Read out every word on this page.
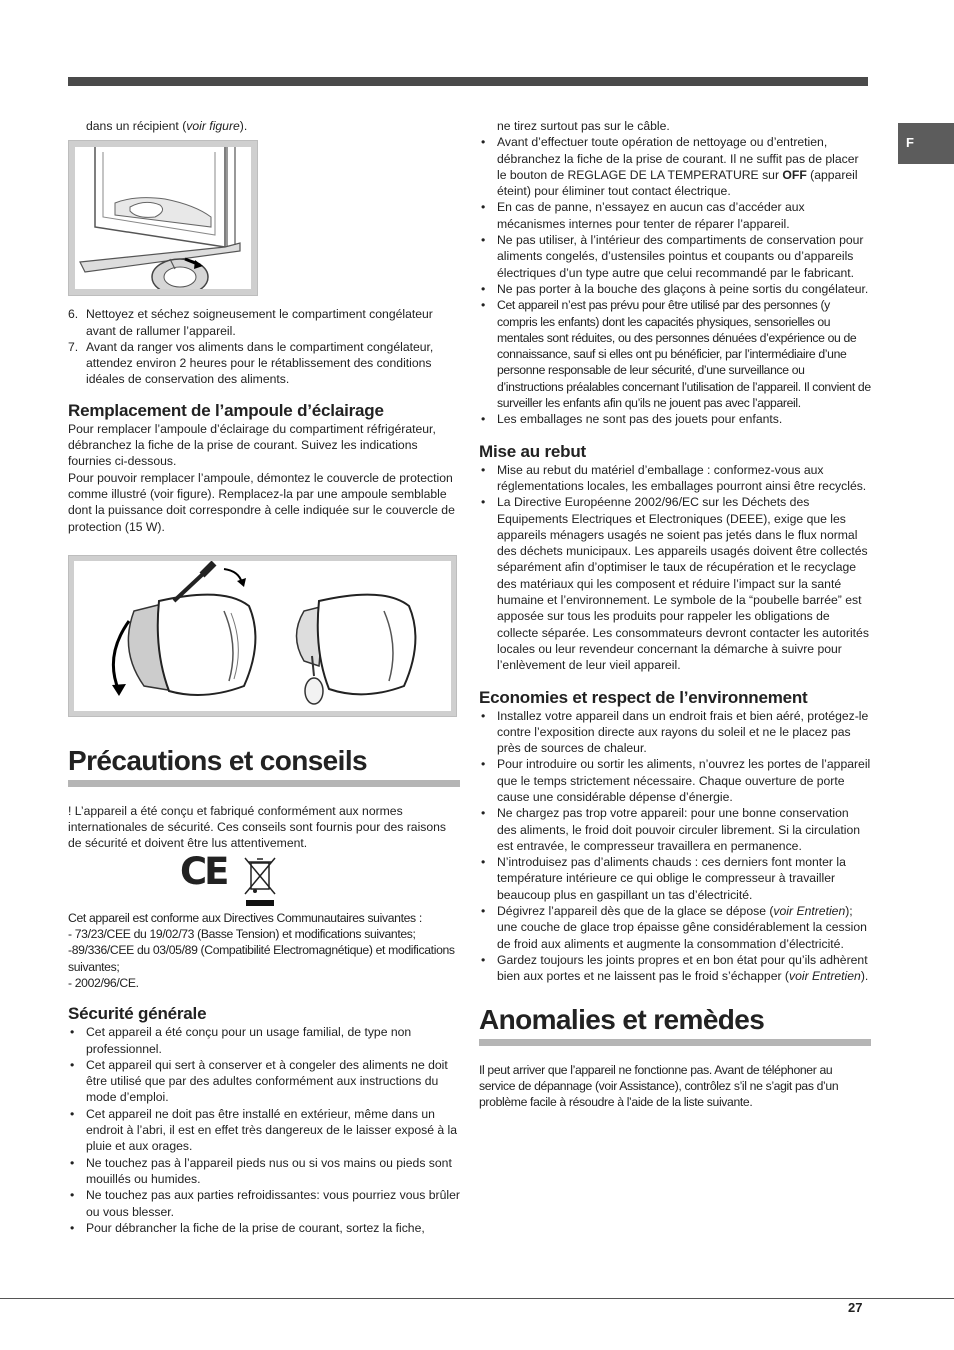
F

dans un récipient (voir figure).

6. Nettoyez et séchez soigneusement le compartiment congélateur avant de rallumer l’appareil.
7. Avant da ranger vos aliments dans le compartiment congélateur, attendez environ 2 heures pour le rétablissement des conditions idéales de conservation des aliments.
Remplacement de l’ampoule d’éclairage

Pour remplacer l’ampoule d’éclairage du compartiment réfrigérateur, débranchez la fiche de la prise de courant. Suivez les indications fournies ci-dessous.

Pour pouvoir remplacer l’ampoule, démontez le couvercle de protection comme illustré (voir figure). Remplacez-la par une ampoule semblable dont la puissance doit correspondre à celle indiquée sur le couvercle de protection (15 W).

Précautions et conseils

! L’appareil a été conçu et fabriqué conformément aux normes internationales de sécurité. Ces conseils sont fournis pour des raisons de sécurité et doivent être lus attentivement.

CE

Cet appareil est conforme aux Directives Communautaires suivantes :

- 73/23/CEE du 19/02/73 (Basse Tension) et modifications suivantes;

-89/336/CEE du 03/05/89 (Compatibilité Electromagnétique) et modifications suivantes;

- 2002/96/CE.

Sécurité générale
• Cet appareil a été conçu pour un usage familial, de type non professionnel.
• Cet appareil qui sert à conserver et à congeler des aliments ne doit être utilisé que par des adultes conformément aux instructions du mode d’emploi.
• Cet appareil ne doit pas être installé en extérieur, même dans un endroit à l’abri, il est en effet très dangereux de le laisser exposé à la pluie et aux orages.
• Ne touchez pas à l’appareil pieds nus ou si vos mains ou pieds sont mouillés ou humides.
• Ne touchez pas aux parties refroidissantes: vous pourriez vous brûler ou vous blesser.
• Pour débrancher la fiche de la prise de courant, sortez la fiche,

ne tirez surtout pas sur le câble.

• Avant d’effectuer toute opération de nettoyage ou d’entretien, débranchez la fiche de la prise de courant. Il ne suffit pas de placer le bouton de REGLAGE DE LA TEMPERATURE sur OFF (appareil éteint) pour éliminer tout contact électrique.
• En cas de panne, n’essayez en aucun cas d’accéder aux mécanismes internes pour tenter de réparer l’appareil.
• Ne pas utiliser, à l’intérieur des compartiments de conservation pour aliments congelés, d’ustensiles pointus et coupants ou d’appareils électriques d’un type autre que celui recommandé par le fabricant.
• Ne pas porter à la bouche des glaçons à peine sortis du congélateur.
• Cet appareil n’est pas prévu pour être utilisé par des personnes (y compris les enfants) dont les capacités physiques, sensorielles ou mentales sont réduites, ou des personnes dénuées d’expérience ou de connaissance, sauf si elles ont pu bénéficier, par l’intermédiaire d’une personne responsable de leur sécurité, d’une surveillance ou d’instructions préalables concernant l’utilisation de l’appareil. Il convient de surveiller les enfants afin qu’ils ne jouent pas avec l’appareil.
• Les emballages ne sont pas des jouets pour enfants.
Mise au rebut
• Mise au rebut du matériel d’emballage : conformez-vous aux réglementations locales, les emballages pourront ainsi être recyclés.
• La Directive Européenne 2002/96/EC sur les Déchets des Equipements Electriques et Electroniques (DEEE), exige que les appareils ménagers usagés ne soient pas jetés dans le flux normal des déchets municipaux. Les appareils usagés doivent être collectés séparément afin d’optimiser le taux de récupération et le recyclage des matériaux qui les composent et réduire l’impact sur la santé humaine et l’environnement. Le symbole de la “poubelle barrée” est apposée sur tous les produits pour rappeler les obligations de collecte séparée. Les consommateurs devront contacter les autorités locales ou leur revendeur concernant la démarche à suivre pour l’enlèvement de leur vieil appareil.
Economies et respect de l’environnement
• Installez votre appareil dans un endroit frais et bien aéré, protégez-le contre l’exposition directe aux rayons du soleil et ne le placez pas près de sources de chaleur.
• Pour introduire ou sortir les aliments, n’ouvrez les portes de l’appareil que le temps strictement nécessaire. Chaque ouverture de porte cause une considérable dépense d’énergie.
• Ne chargez pas trop votre appareil: pour une bonne conservation des aliments, le froid doit pouvoir circuler librement. Si la circulation est entravée, le compresseur travaillera en permanence.
• N’introduisez pas d’aliments chauds : ces derniers font monter la température intérieure ce qui oblige le compresseur à travailler beaucoup plus en gaspillant un tas d’électricité.
• Dégivrez l’appareil dès que de la glace se dépose (voir Entretien); une couche de glace trop épaisse gêne considérablement la cession de froid aux aliments et augmente la consommation d’électricité.
• Gardez toujours les joints propres et en bon état pour qu’ils adhèrent bien aux portes et ne laissent pas le froid s’échapper (voir Entretien).
Anomalies et remèdes

Il peut arriver que l’appareil ne fonctionne pas. Avant de téléphoner au service de dépannage (voir Assistance), contrôlez s’il ne s’agit pas d’un problème facile à résoudre à l’aide de la liste suivante.

27
